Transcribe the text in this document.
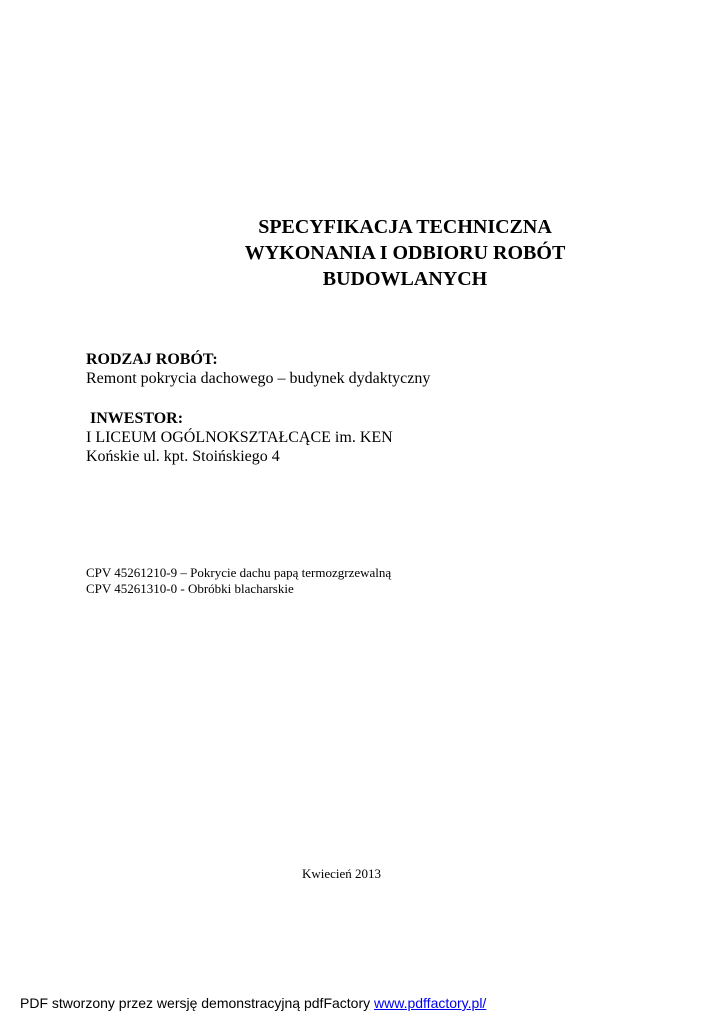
SPECYFIKACJA TECHNICZNA
WYKONANIA I ODBIORU ROBÓT
BUDOWLANYCH
RODZAJ ROBÓT:
Remont pokrycia dachowego – budynek dydaktyczny
INWESTOR:
I LICEUM OGÓLNOKSZTAŁCĄCE im. KEN
Końskie ul. kpt. Stoińskiego 4
CPV 45261210-9 – Pokrycie dachu papą termozgrzewalną
CPV 45261310-0 - Obróbki blacharskie
Kwiecień 2013
PDF stworzony przez wersję demonstracyjną pdfFactory www.pdffactory.pl/
